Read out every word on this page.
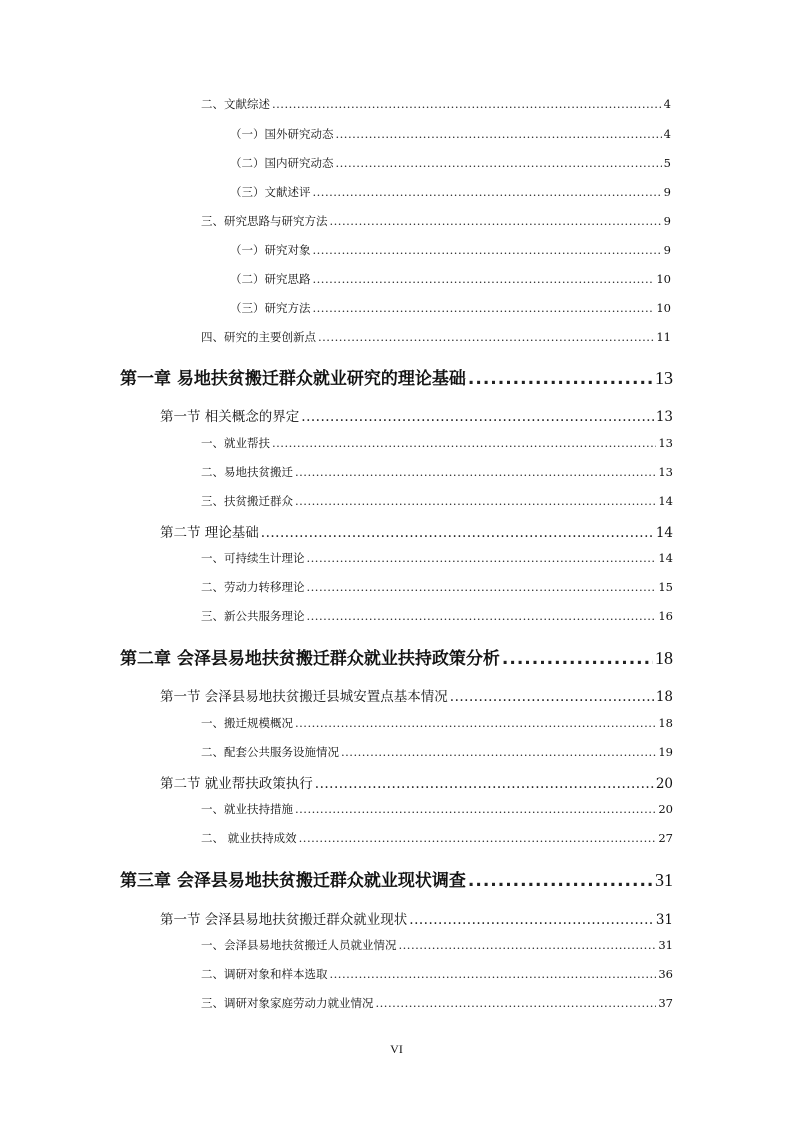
二、文献综述 .....	4
（一）国外研究动态 .....	4
（二）国内研究动态 .....	5
（三）文献述评 .....	9
三、研究思路与研究方法 .....	9
（一）研究对象 .....	9
（二）研究思路 .....	10
（三）研究方法 .....	10
四、研究的主要创新点 .....	11
第一章 易地扶贫搬迁群众就业研究的理论基础 .....	13
第一节 相关概念的界定 .....	13
一、就业帮扶 .....	13
二、易地扶贫搬迁 .....	13
三、扶贫搬迁群众 .....	14
第二节 理论基础 .....	14
一、可持续生计理论 .....	14
二、劳动力转移理论 .....	15
三、新公共服务理论 .....	16
第二章 会泽县易地扶贫搬迁群众就业扶持政策分析 .....	18
第一节 会泽县易地扶贫搬迁县城安置点基本情况 .....	18
一、搬迁规模概况 .....	18
二、配套公共服务设施情况 .....	19
第二节 就业帮扶政策执行 .....	20
一、就业扶持措施 .....	20
二、 就业扶持成效 .....	27
第三章 会泽县易地扶贫搬迁群众就业现状调查 .....	31
第一节 会泽县易地扶贫搬迁群众就业现状 .....	31
一、会泽县易地扶贫搬迁人员就业情况 .....	31
二、调研对象和样本选取 .....	36
三、调研对象家庭劳动力就业情况 .....	37
VI
